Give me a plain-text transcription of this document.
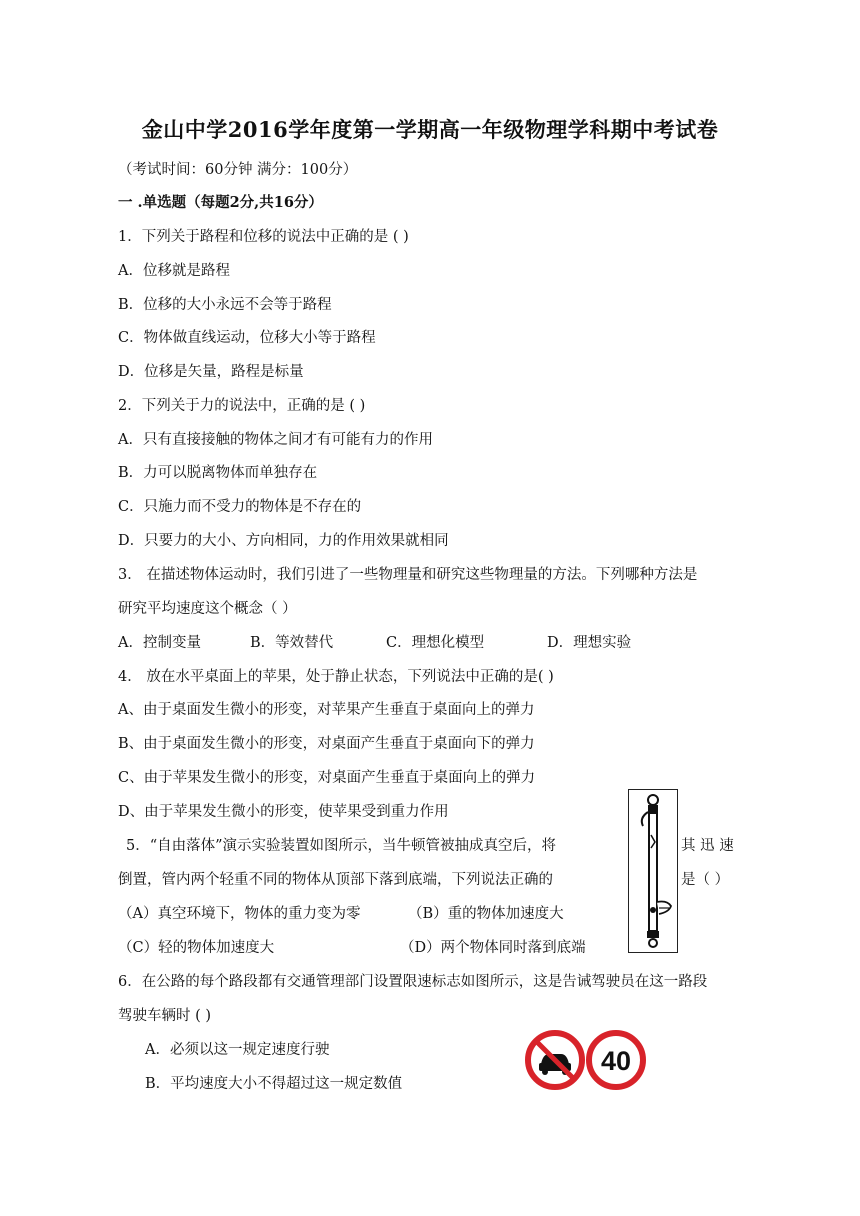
金山中学2016学年度第一学期高一年级物理学科期中考试卷
（考试时间：60分钟 满分：100分）
一 .单选题（每题2分,共16分）
1．下列关于路程和位移的说法中正确的是 ( )
A．位移就是路程
B．位移的大小永远不会等于路程
C．物体做直线运动，位移大小等于路程
D．位移是矢量，路程是标量
2．下列关于力的说法中，正确的是 ( )
A．只有直接接触的物体之间才有可能有力的作用
B．力可以脱离物体而单独存在
C．只施力而不受力的物体是不存在的
D．只要力的大小、方向相同，力的作用效果就相同
3． 在描述物体运动时，我们引进了一些物理量和研究这些物理量的方法。下列哪种方法是
研究平均速度这个概念（ ）
A．控制变量	B．等效替代	C．理想化模型	D．理想实验
4． 放在水平桌面上的苹果，处于静止状态，下列说法中正确的是( )
A、由于桌面发生微小的形变，对苹果产生垂直于桌面向上的弹力
B、由于桌面发生微小的形变，对桌面产生垂直于桌面向下的弹力
C、由于苹果发生微小的形变，对桌面产生垂直于桌面向上的弹力
D、由于苹果发生微小的形变，使苹果受到重力作用
5．“自由落体”演示实验装置如图所示，当牛顿管被抽成真空后，将	其 迅 速
倒置，管内两个轻重不同的物体从顶部下落到底端，下列说法正确的	是（ ）
（A）真空环境下，物体的重力变为零	（B）重的物体加速度大
（C）轻的物体加速度大	（D）两个物体同时落到底端
6．在公路的每个路段都有交通管理部门设置限速标志如图所示，这是告诫驾驶员在这一路段
驾驶车辆时 ( )
A．必须以这一规定速度行驶
B．平均速度大小不得超过这一规定数值
40
